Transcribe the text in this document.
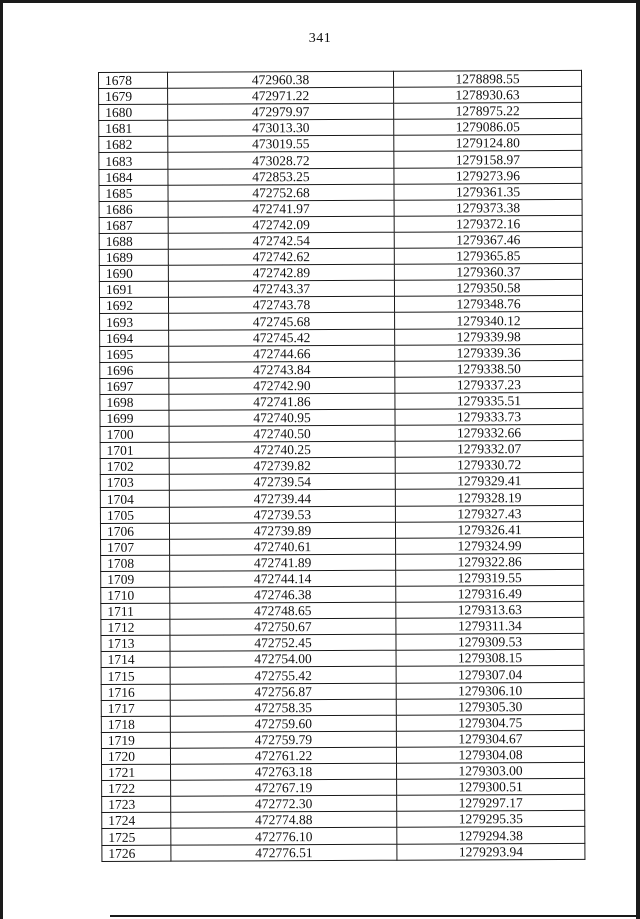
341
1678	472960.38	1278898.55
1679	472971.22	1278930.63
1680	472979.97	1278975.22
1681	473013.30	1279086.05
1682	473019.55	1279124.80
1683	473028.72	1279158.97
1684	472853.25	1279273.96
1685	472752.68	1279361.35
1686	472741.97	1279373.38
1687	472742.09	1279372.16
1688	472742.54	1279367.46
1689	472742.62	1279365.85
1690	472742.89	1279360.37
1691	472743.37	1279350.58
1692	472743.78	1279348.76
1693	472745.68	1279340.12
1694	472745.42	1279339.98
1695	472744.66	1279339.36
1696	472743.84	1279338.50
1697	472742.90	1279337.23
1698	472741.86	1279335.51
1699	472740.95	1279333.73
1700	472740.50	1279332.66
1701	472740.25	1279332.07
1702	472739.82	1279330.72
1703	472739.54	1279329.41
1704	472739.44	1279328.19
1705	472739.53	1279327.43
1706	472739.89	1279326.41
1707	472740.61	1279324.99
1708	472741.89	1279322.86
1709	472744.14	1279319.55
1710	472746.38	1279316.49
1711	472748.65	1279313.63
1712	472750.67	1279311.34
1713	472752.45	1279309.53
1714	472754.00	1279308.15
1715	472755.42	1279307.04
1716	472756.87	1279306.10
1717	472758.35	1279305.30
1718	472759.60	1279304.75
1719	472759.79	1279304.67
1720	472761.22	1279304.08
1721	472763.18	1279303.00
1722	472767.19	1279300.51
1723	472772.30	1279297.17
1724	472774.88	1279295.35
1725	472776.10	1279294.38
1726	472776.51	1279293.94
